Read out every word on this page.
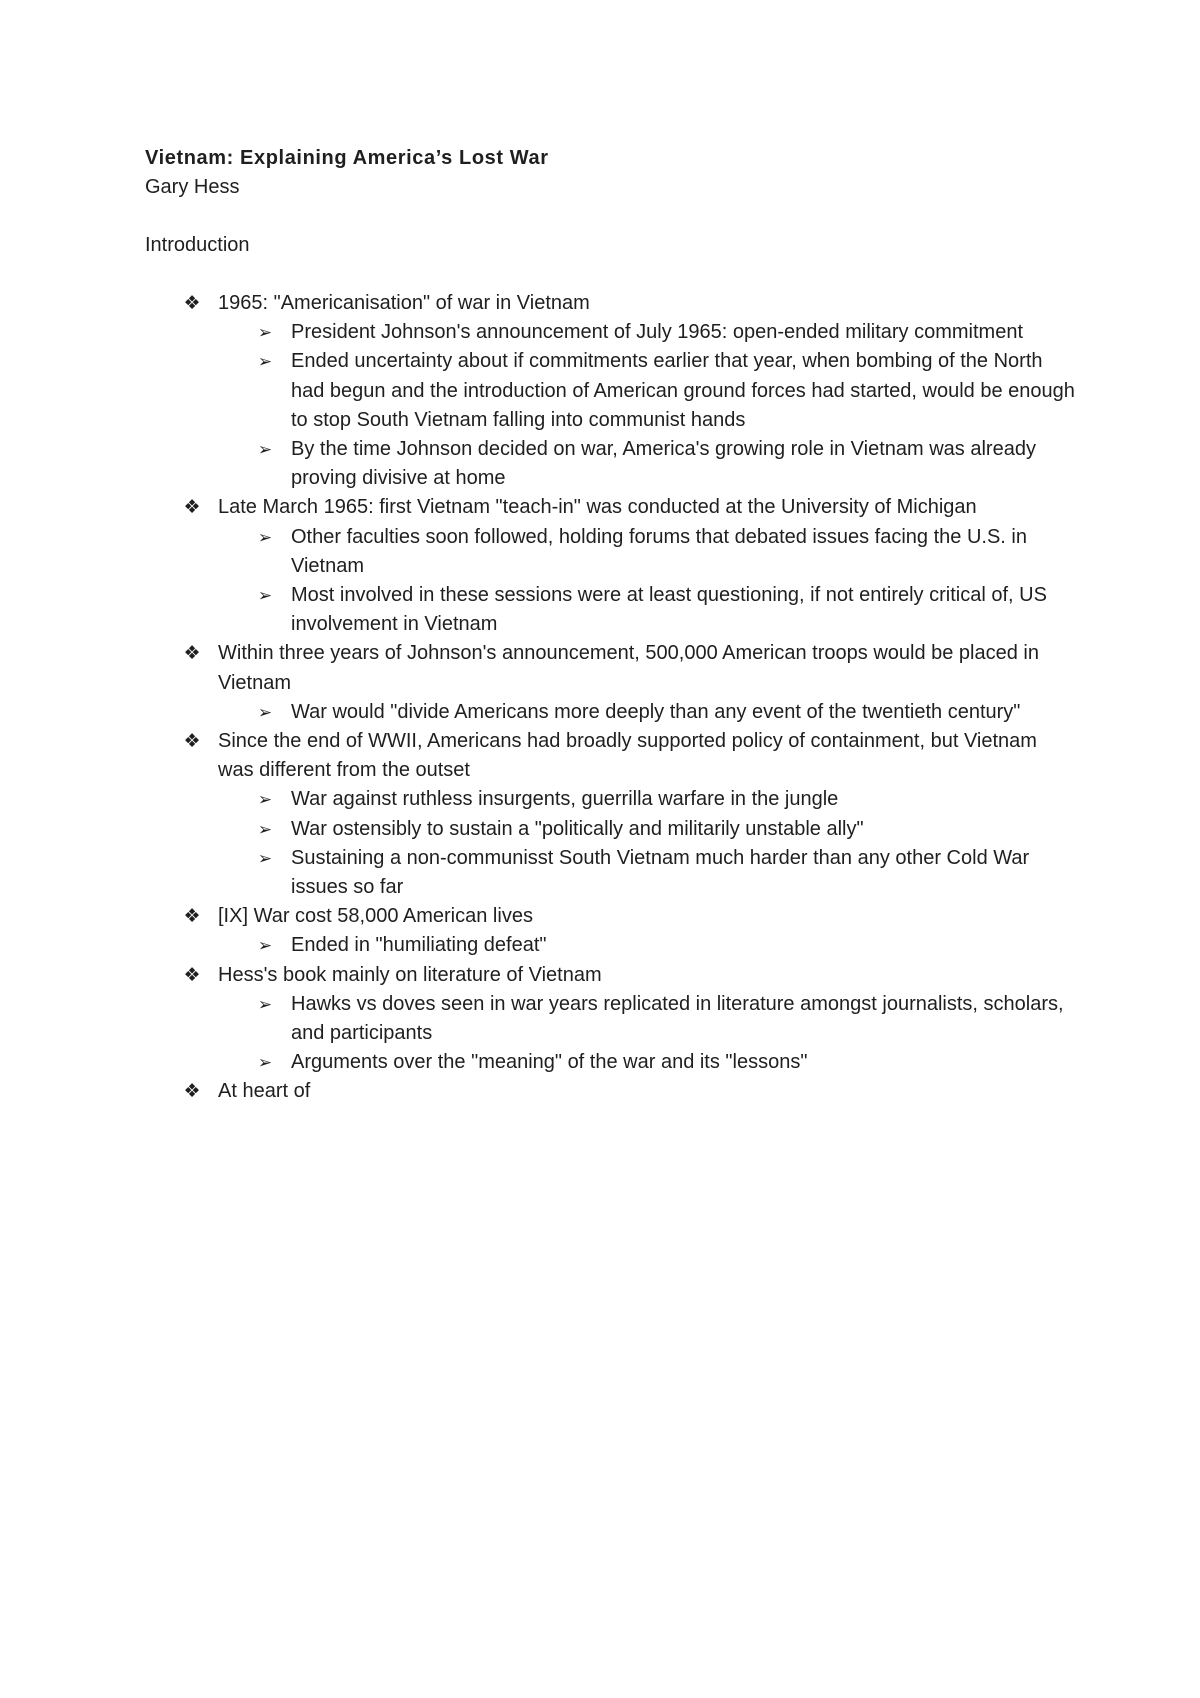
Vietnam: Explaining America’s Lost War

Gary Hess

Introduction

❖ 1965: "Americanisation" of war in Vietnam
➢ President Johnson's announcement of July 1965: open-ended military commitment
➢ Ended uncertainty about if commitments earlier that year, when bombing of the North had begun and the introduction of American ground forces had started, would be enough to stop South Vietnam falling into communist hands
➢ By the time Johnson decided on war, America's growing role in Vietnam was already proving divisive at home
❖ Late March 1965: first Vietnam "teach-in" was conducted at the University of Michigan
➢ Other faculties soon followed, holding forums that debated issues facing the U.S. in Vietnam
➢ Most involved in these sessions were at least questioning, if not entirely critical of, US involvement in Vietnam
❖ Within three years of Johnson's announcement, 500,000 American troops would be placed in Vietnam
➢ War would "divide Americans more deeply than any event of the twentieth century"
❖ Since the end of WWII, Americans had broadly supported policy of containment, but Vietnam was different from the outset
➢ War against ruthless insurgents, guerrilla warfare in the jungle
➢ War ostensibly to sustain a "politically and militarily unstable ally"
➢ Sustaining a non-communisst South Vietnam much harder than any other Cold War issues so far
❖ [IX] War cost 58,000 American lives
➢ Ended in "humiliating defeat"
❖ Hess's book mainly on literature of Vietnam
➢ Hawks vs doves seen in war years replicated in literature amongst journalists, scholars, and participants
➢ Arguments over the "meaning" of the war and its "lessons"
❖ At heart of
